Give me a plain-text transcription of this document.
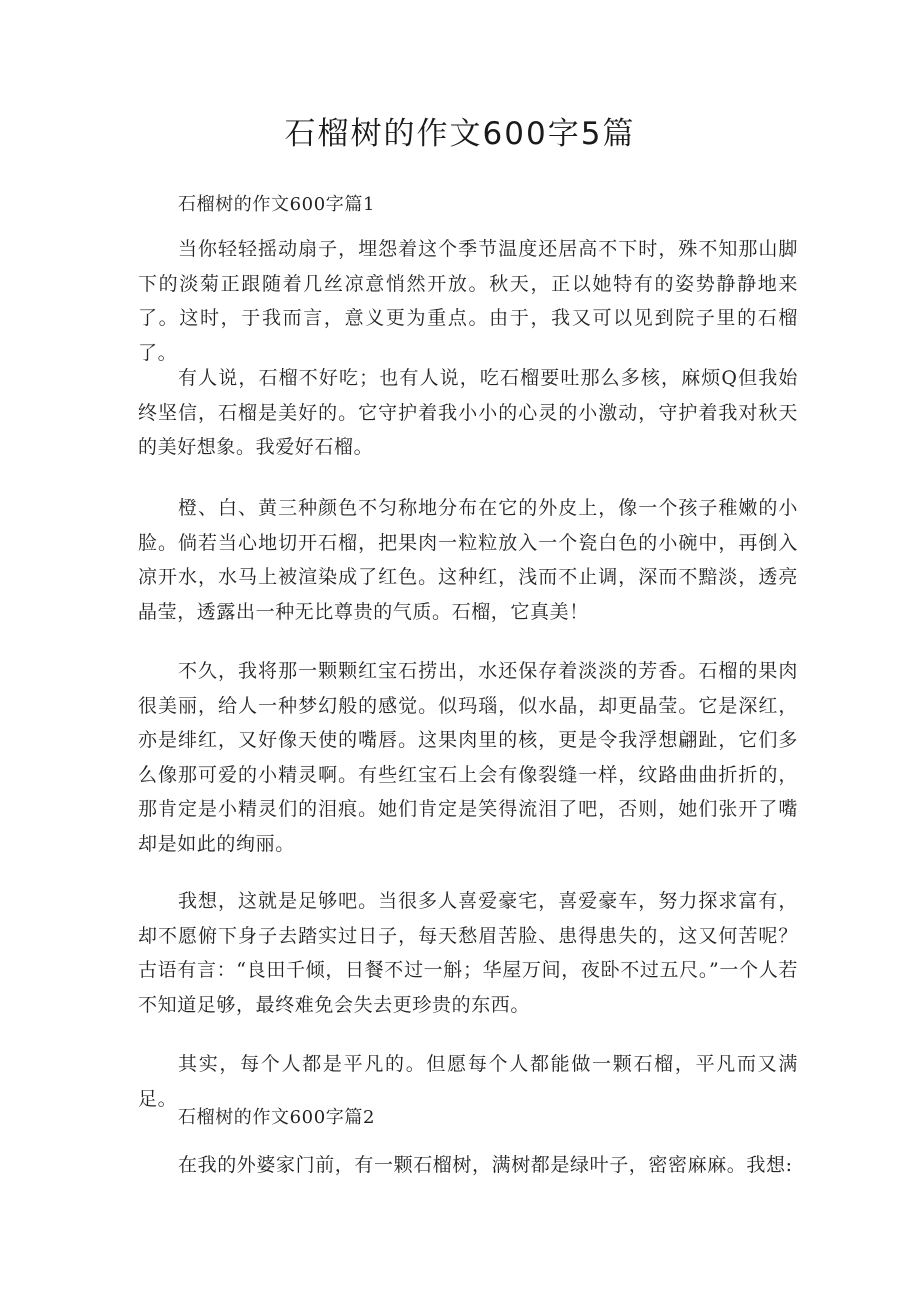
石榴树的作文600字5篇

石榴树的作文600字篇1

当你轻轻摇动扇子，埋怨着这个季节温度还居高不下时，殊不知那山脚下的淡菊正跟随着几丝凉意悄然开放。秋天，正以她特有的姿势静静地来了。这时，于我而言，意义更为重点。由于，我又可以见到院子里的石榴了。

有人说，石榴不好吃；也有人说，吃石榴要吐那么多核，麻烦Q但我始终坚信，石榴是美好的。它守护着我小小的心灵的小激动，守护着我对秋天的美好想象。我爱好石榴。

橙、白、黄三种颜色不匀称地分布在它的外皮上，像一个孩子稚嫩的小脸。倘若当心地切开石榴，把果肉一粒粒放入一个瓷白色的小碗中，再倒入凉开水，水马上被渲染成了红色。这种红，浅而不止调，深而不黯淡，透亮晶莹，透露出一种无比尊贵的气质。石榴，它真美！

不久，我将那一颗颗红宝石捞出，水还保存着淡淡的芳香。石榴的果肉很美丽，给人一种梦幻般的感觉。似玛瑙，似水晶，却更晶莹。它是深红，亦是绯红，又好像天使的嘴唇。这果肉里的核，更是令我浮想翩趾，它们多么像那可爱的小精灵啊。有些红宝石上会有像裂缝一样，纹路曲曲折折的，那肯定是小精灵们的泪痕。她们肯定是笑得流泪了吧，否则，她们张开了嘴却是如此的绚丽。

我想，这就是足够吧。当很多人喜爱豪宅，喜爱豪车，努力探求富有，却不愿俯下身子去踏实过日子，每天愁眉苦脸、患得患失的，这又何苦呢？古语有言：“良田千倾，日餐不过一斛；华屋万间，夜卧不过五尺。”一个人若不知道足够，最终难免会失去更珍贵的东西。

其实，每个人都是平凡的。但愿每个人都能做一颗石榴，平凡而又满足。

石榴树的作文600字篇2

在我的外婆家门前，有一颗石榴树，满树都是绿叶子，密密麻麻。我想:
